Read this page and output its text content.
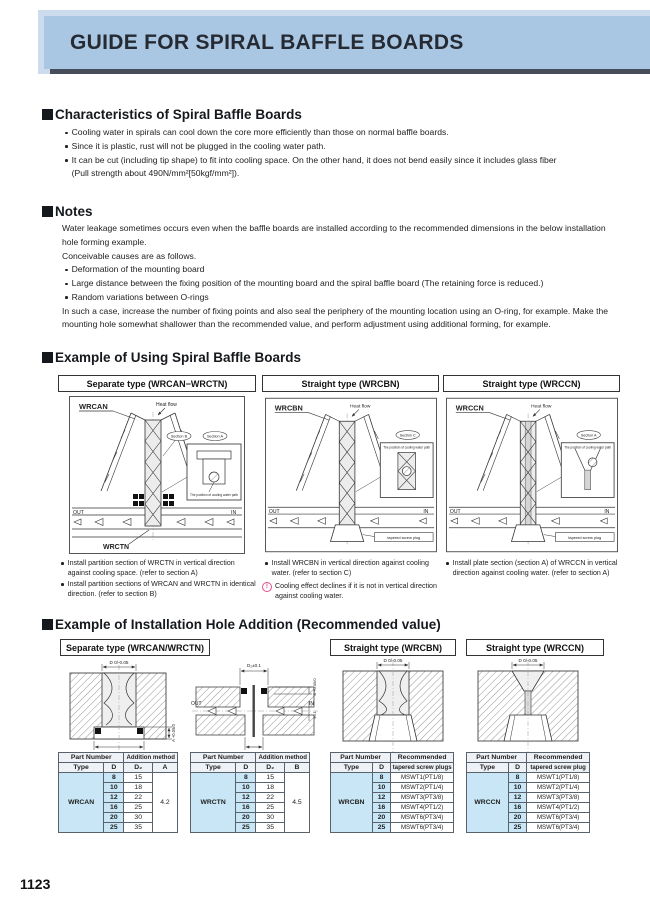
GUIDE FOR SPIRAL BAFFLE BOARDS
Characteristics of Spiral Baffle Boards
Cooling water in spirals can cool down the core more efficiently than those on normal baffle boards.
Since it is plastic, rust will not be plugged in the cooling water path.
It can be cut (including tip shape) to fit into cooling space. On the other hand, it does not bend easily since it includes glass fiber
(Pull strength about 490N/mm²[50kgf/mm²]).
Notes
Water leakage sometimes occurs even when the baffle boards are installed according to the recommended dimensions in the below installation hole forming example.
Conceivable causes are as follows.
Deformation of the mounting board
Large distance between the fixing position of the mounting board and the spiral baffle board (The retaining force is reduced.)
Random variations between O-rings
In such a case, increase the number of fixing points and also seal the periphery of the mounting location using an O-ring, for example. Make the mounting hole somewhat shallower than the recommended value, and perform adjustment using additional forming, for example.
Example of Using Spiral Baffle Boards
Separate type (WRCAN−WRCTN)
WRCAN	Heat flow
Section B	Section A
The position of cooling water path
OUT	IN
WRCTN
Install partition section of WRCTN in vertical direction against cooling space. (refer to section A)
Install partition sections of WRCAN and WRCTN in identical direction. (refer to section B)
Straight type (WRCBN)
WRCBN	Heat flow
Section C
The position of cooling water path
OUT	IN
tapered screw plug
Install WRCBN in vertical direction against cooling water. (refer to section C)
! Cooling effect declines if it is not in vertical direction against cooling water.
Straight type (WRCCN)
WRCCN	Heat flow
Section A
The position of cooling water path
OUT	IN
tapered screw plug
Install plate section (section A) of WRCCN in vertical direction against cooling water. (refer to section A)
Example of Installation Hole Addition (Recommended value)
Separate type (WRCAN/WRCTN)	Straight type (WRCBN)	Straight type (WRCCN)
D 0/-0.05
A +0.05/0
OUT	IN
D₂±0.1
B +0.05/0
±0.1
D 0/-0.05	D 0/-0.05
Part Number		Addition method	
Type	D	D₂	A
WRCAN	8	15	4.2
	10	18	
	12	22	
	16	25	
	20	30	
	25	35	
Part Number		Addition method	
Type	D	D₂	B
WRCTN	8	15	4.5
	10	18	
	12	22	
	16	25	
	20	30	
	25	35	
Part Number		Recommended
Type	D	tapered screw plugs
WRCBN	8	MSWT1(PT1/8)
	10	MSWT2(PT1/4)
	12	MSWT3(PT3/8)
	16	MSWT4(PT1/2)
	20	MSWT6(PT3/4)
	25	MSWT6(PT3/4)
Part Number		Recommended
Type	D	tapered screw plug
WRCCN	8	MSWT1(PT1/8)
	10	MSWT2(PT1/4)
	12	MSWT3(PT3/8)
	16	MSWT4(PT1/2)
	20	MSWT6(PT3/4)
	25	MSWT6(PT3/4)
1123
